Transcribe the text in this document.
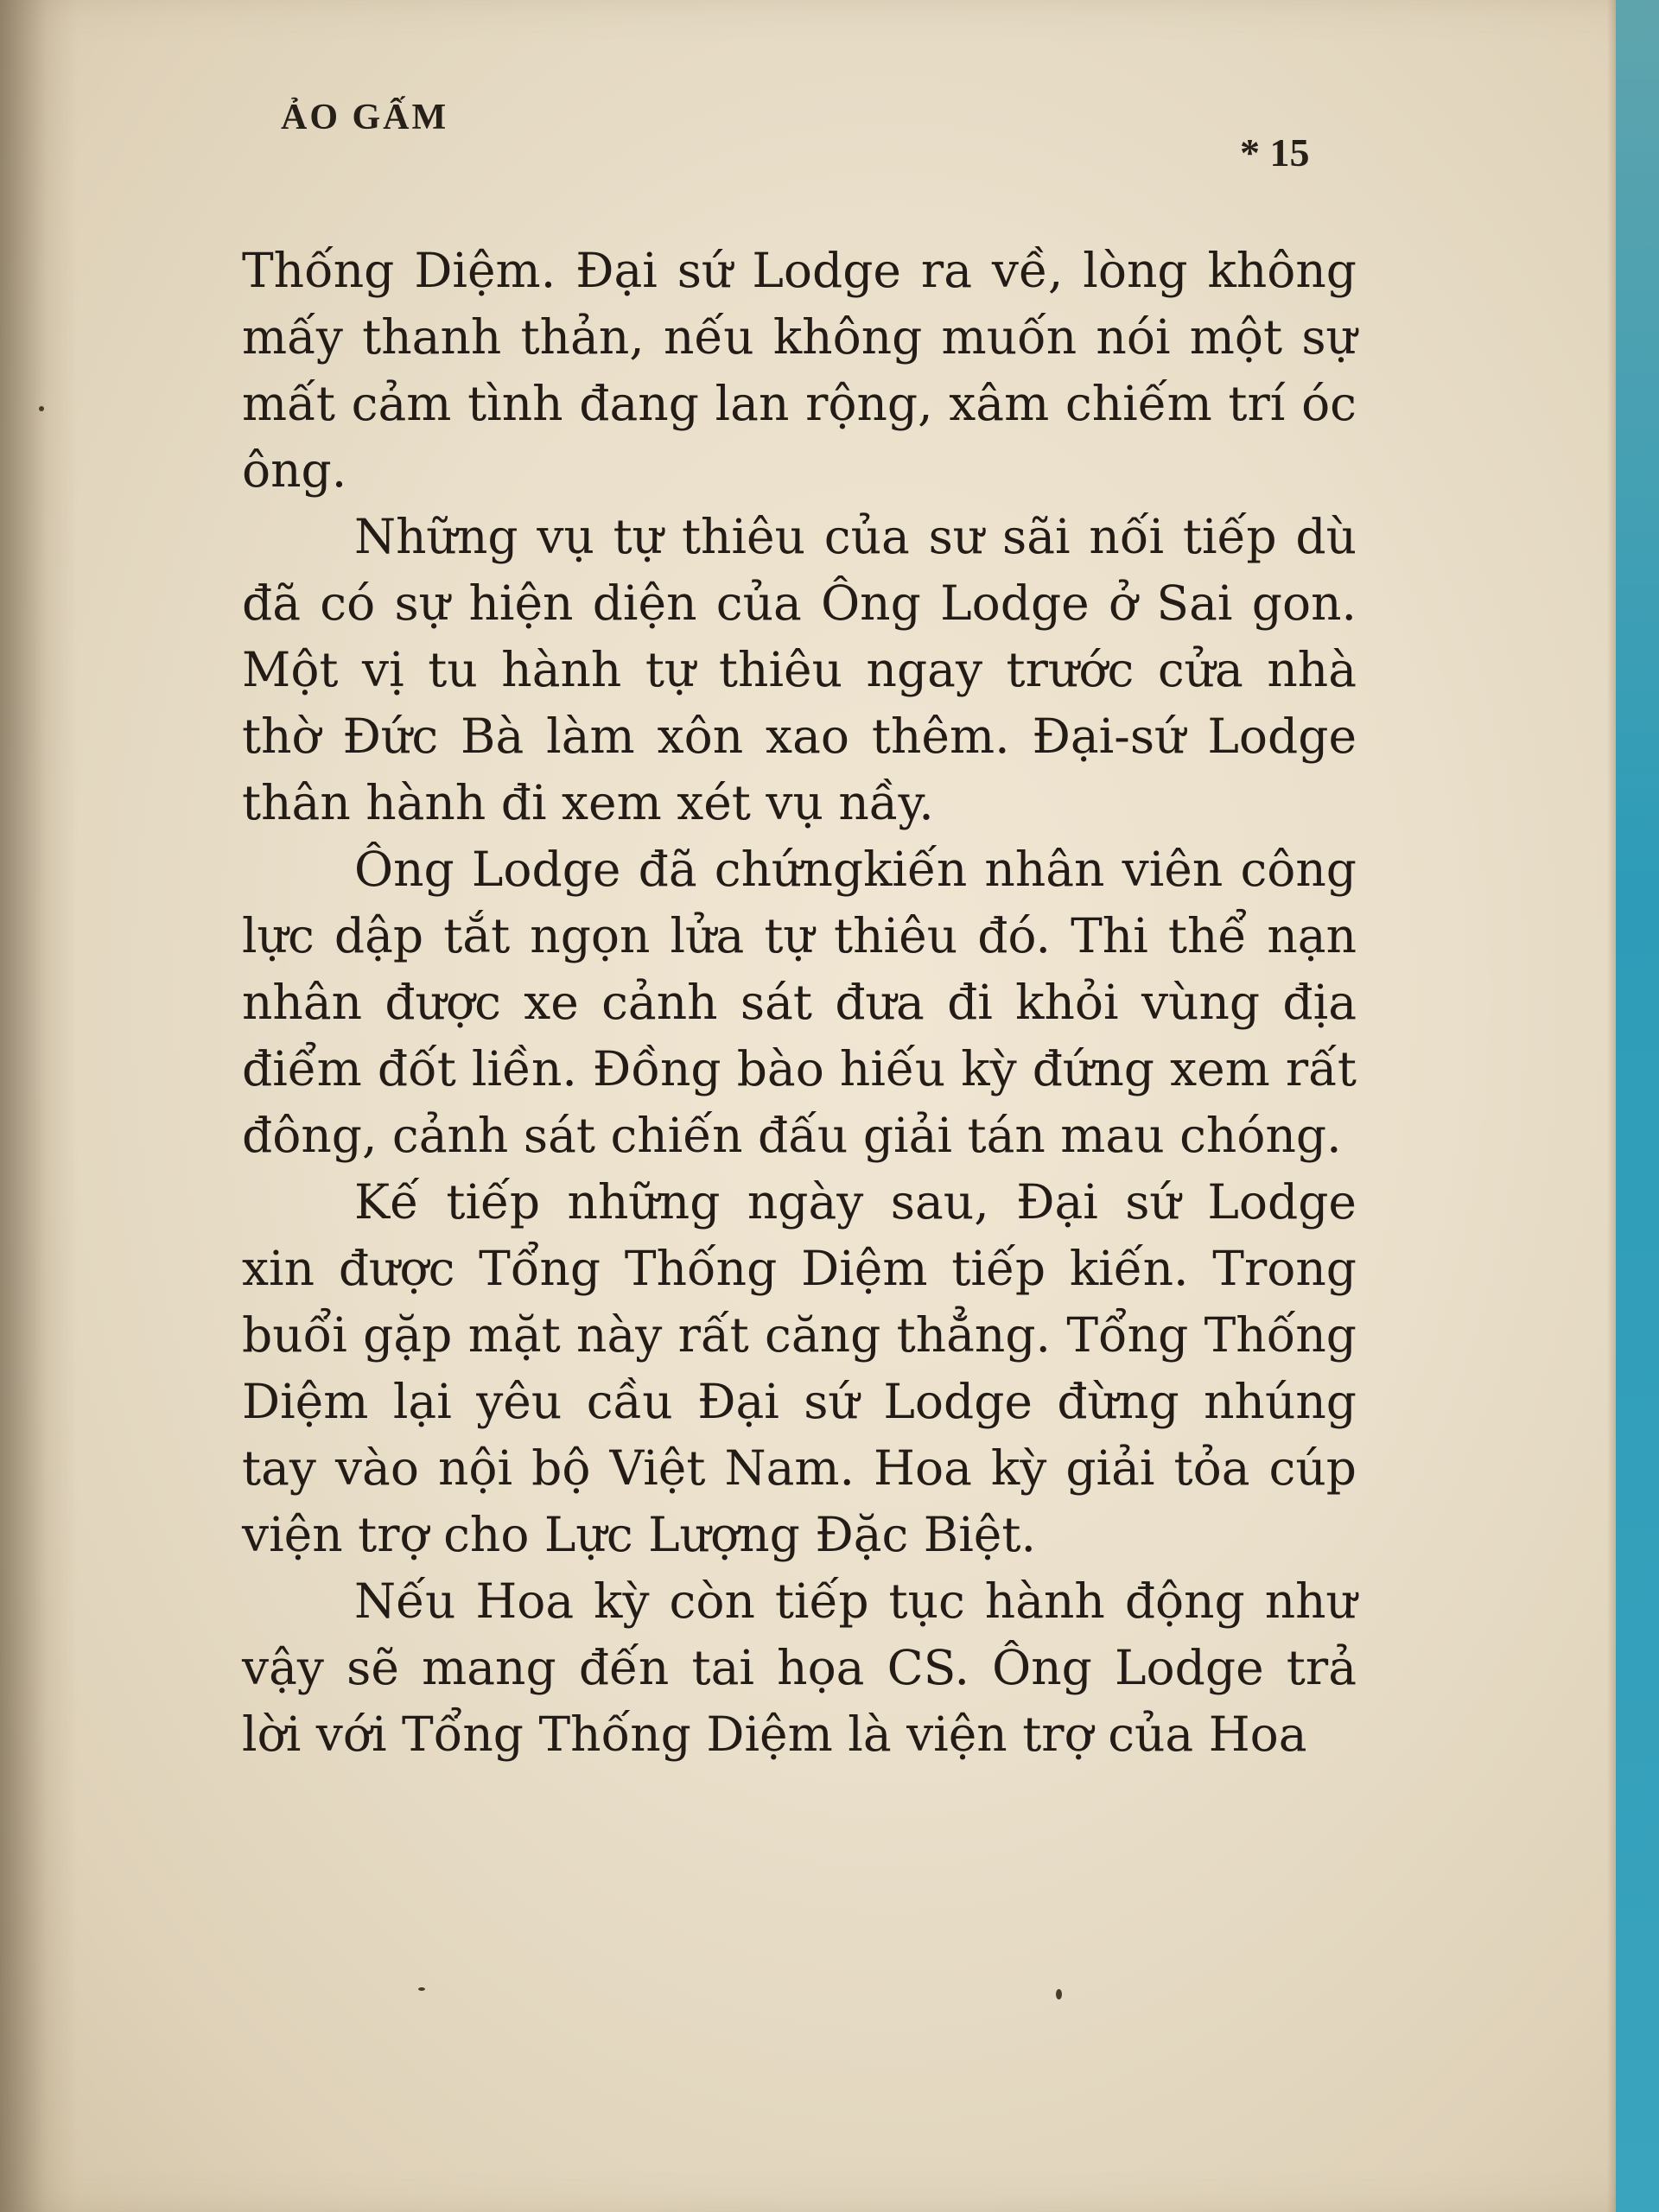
ẢO GẤM
* 15

Thống Diệm. Đại sứ Lodge ra về, lòng không mấy thanh thản, nếu không muốn nói một sự mất cảm tình đang lan rộng, xâm chiếm trí óc ông.

Những vụ tự thiêu của sư sãi nối tiếp dù đã có sự hiện diện của Ông Lodge ở Sai gon. Một vị tu hành tự thiêu ngay trước cửa nhà thờ Đức Bà làm xôn xao thêm. Đại-sứ Lodge thân hành đi xem xét vụ nầy.

Ông Lodge đã chứngkiến nhân viên công lực dập tắt ngọn lửa tự thiêu đó. Thi thể nạn nhân được xe cảnh sát đưa đi khỏi vùng địa điểm đốt liền. Đồng bào hiếu kỳ đứng xem rất đông, cảnh sát chiến đấu giải tán mau chóng.

Kế tiếp những ngày sau, Đại sứ Lodge xin được Tổng Thống Diệm tiếp kiến. Trong buổi gặp mặt này rất căng thẳng. Tổng Thống Diệm lại yêu cầu Đại sứ Lodge đừng nhúng tay vào nội bộ Việt Nam. Hoa kỳ giải tỏa cúp viện trợ cho Lực Lượng Đặc Biệt.

Nếu Hoa kỳ còn tiếp tục hành động như vậy sẽ mang đến tai họa CS. Ông Lodge trả lời với Tổng Thống Diệm là viện trợ của Hoa
